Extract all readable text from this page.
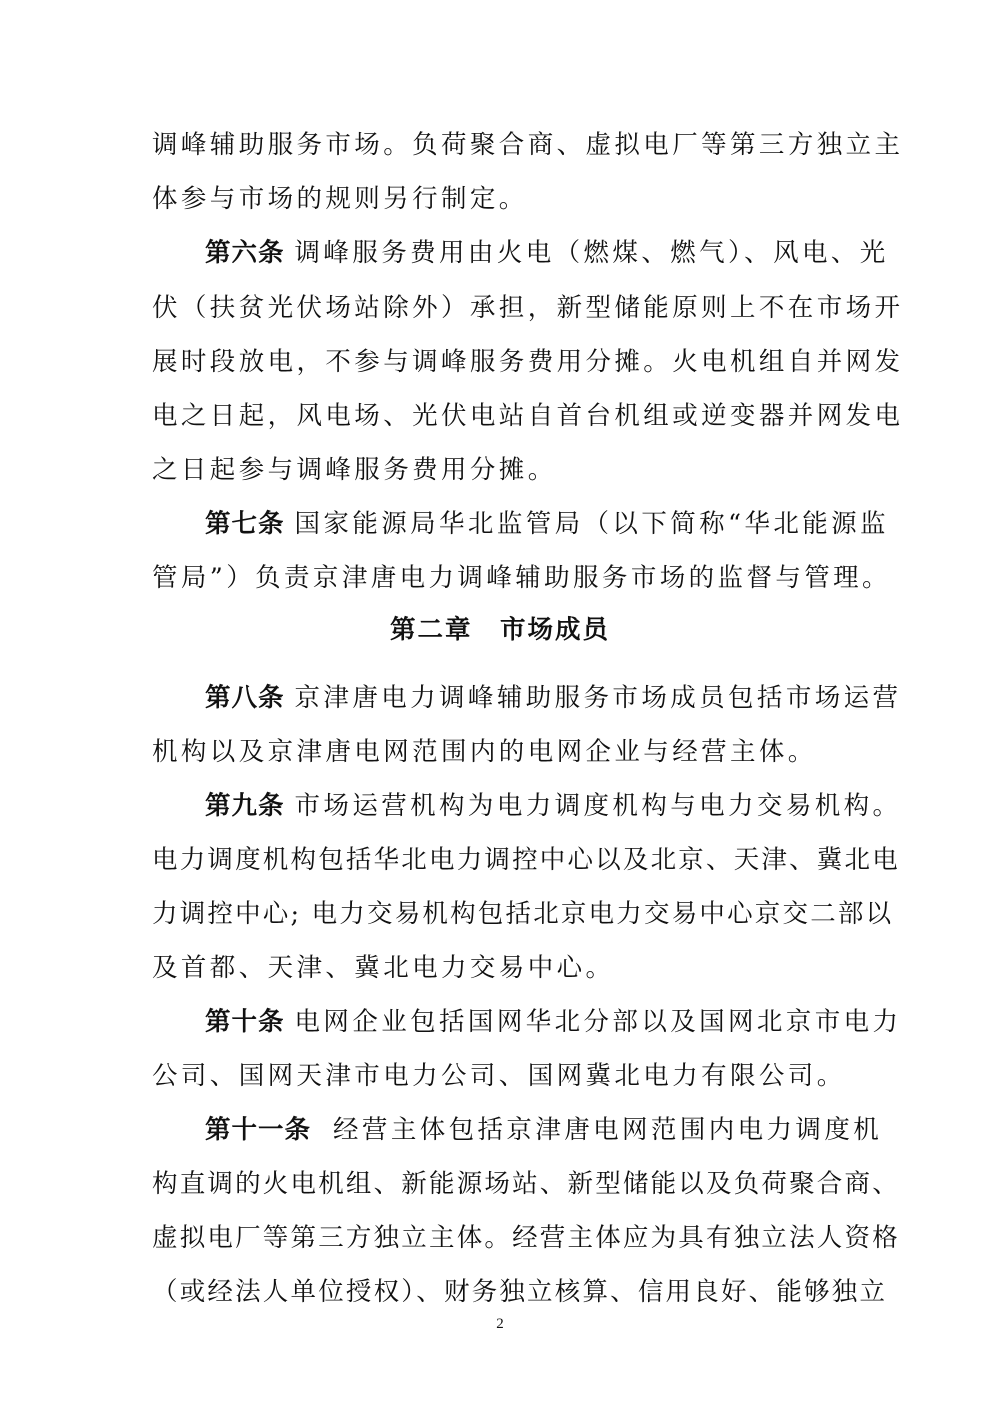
调峰辅助服务市场。负荷聚合商、虚拟电厂等第三方独立主
体参与市场的规则另行制定。
第六条 调峰服务费用由火电（燃煤、燃气）、风电、光
伏（扶贫光伏场站除外）承担，新型储能原则上不在市场开
展时段放电，不参与调峰服务费用分摊。火电机组自并网发
电之日起，风电场、光伏电站自首台机组或逆变器并网发电
之日起参与调峰服务费用分摊。
第七条 国家能源局华北监管局（以下简称“华北能源监
管局”）负责京津唐电力调峰辅助服务市场的监督与管理。
第二章　市场成员
第八条 京津唐电力调峰辅助服务市场成员包括市场运营
机构以及京津唐电网范围内的电网企业与经营主体。
第九条 市场运营机构为电力调度机构与电力交易机构。
电力调度机构包括华北电力调控中心以及北京、天津、冀北电
力调控中心; 电力交易机构包括北京电力交易中心京交二部以
及首都、天津、冀北电力交易中心。
第十条 电网企业包括国网华北分部以及国网北京市电力
公司、国网天津市电力公司、国网冀北电力有限公司。
第十一条 经营主体包括京津唐电网范围内电力调度机
构直调的火电机组、新能源场站、新型储能以及负荷聚合商、
虚拟电厂等第三方独立主体。经营主体应为具有独立法人资格
（或经法人单位授权）、财务独立核算、信用良好、能够独立
2
